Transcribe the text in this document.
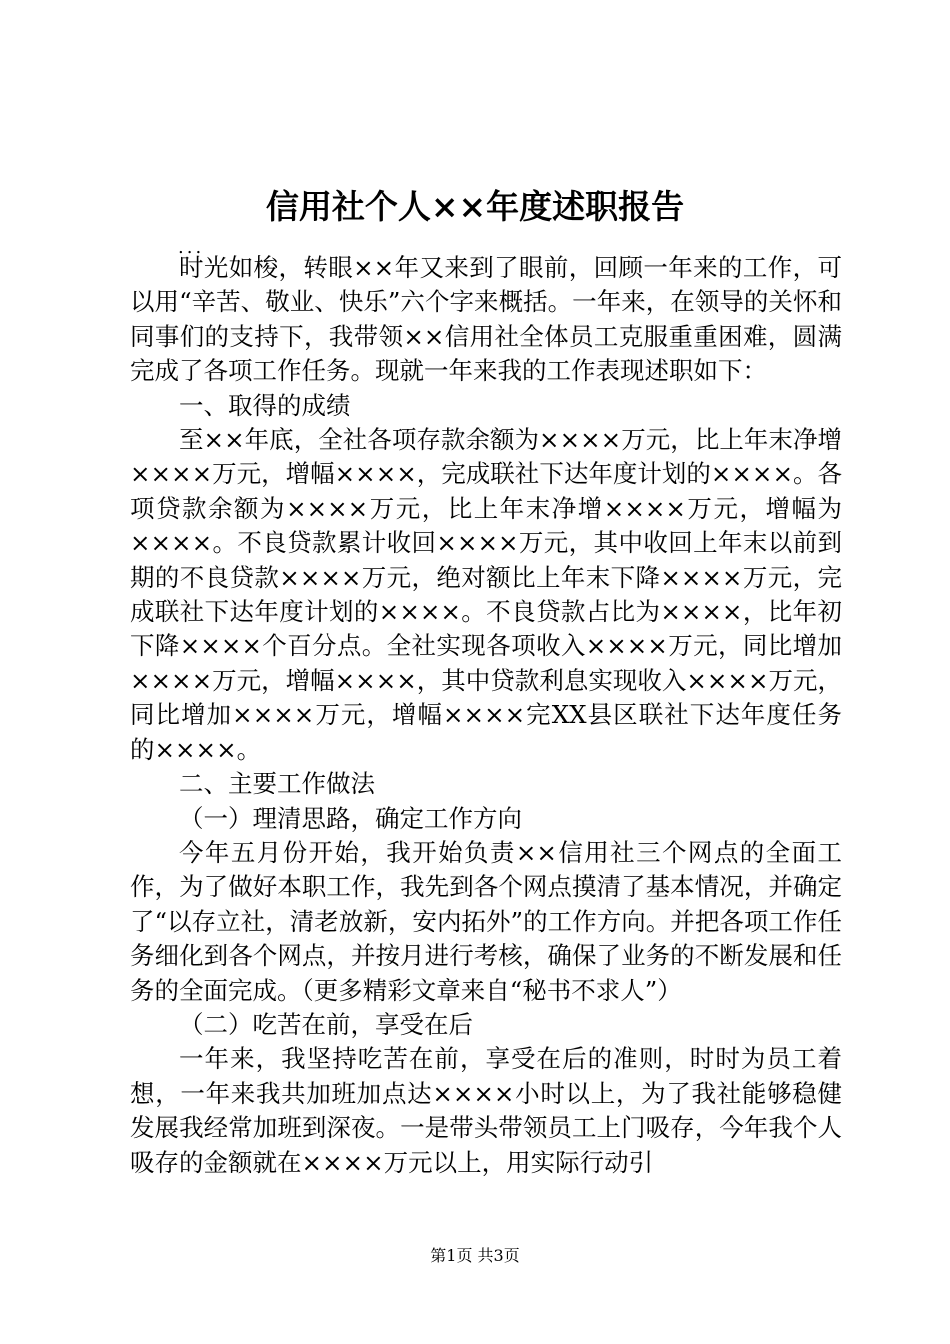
信用社个人××年度述职报告
...

时光如梭，转眼××年又来到了眼前，回顾一年来的工作，可以用“辛苦、敬业、快乐”六个字来概括。一年来，在领导的关怀和同事们的支持下，我带领××信用社全体员工克服重重困难，圆满完成了各项工作任务。现就一年来我的工作表现述职如下：

一、取得的成绩

至××年底，全社各项存款余额为××××万元，比上年末净增××××万元，增幅××××，完成联社下达年度计划的××××。各项贷款余额为××××万元，比上年末净增××××万元，增幅为××××。不良贷款累计收回××××万元，其中收回上年末以前到期的不良贷款××××万元，绝对额比上年末下降××××万元，完成联社下达年度计划的××××。不良贷款占比为××××，比年初下降××××个百分点。全社实现各项收入××××万元，同比增加××××万元，增幅××××，其中贷款利息实现收入××××万元，同比增加××××万元，增幅××××完XX县区联社下达年度任务的××××。

二、主要工作做法

（一）理清思路，确定工作方向

今年五月份开始，我开始负责××信用社三个网点的全面工作，为了做好本职工作，我先到各个网点摸清了基本情况，并确定了“以存立社，清老放新，安内拓外”的工作方向。并把各项工作任务细化到各个网点，并按月进行考核，确保了业务的不断发展和任务的全面完成。（更多精彩文章来自“秘书不求人”）

（二）吃苦在前，享受在后

一年来，我坚持吃苦在前，享受在后的准则，时时为员工着想，一年来我共加班加点达××××小时以上，为了我社能够稳健发展我经常加班到深夜。一是带头带领员工上门吸存，今年我个人吸存的金额就在××××万元以上，用实际行动引

第1页 共3页
